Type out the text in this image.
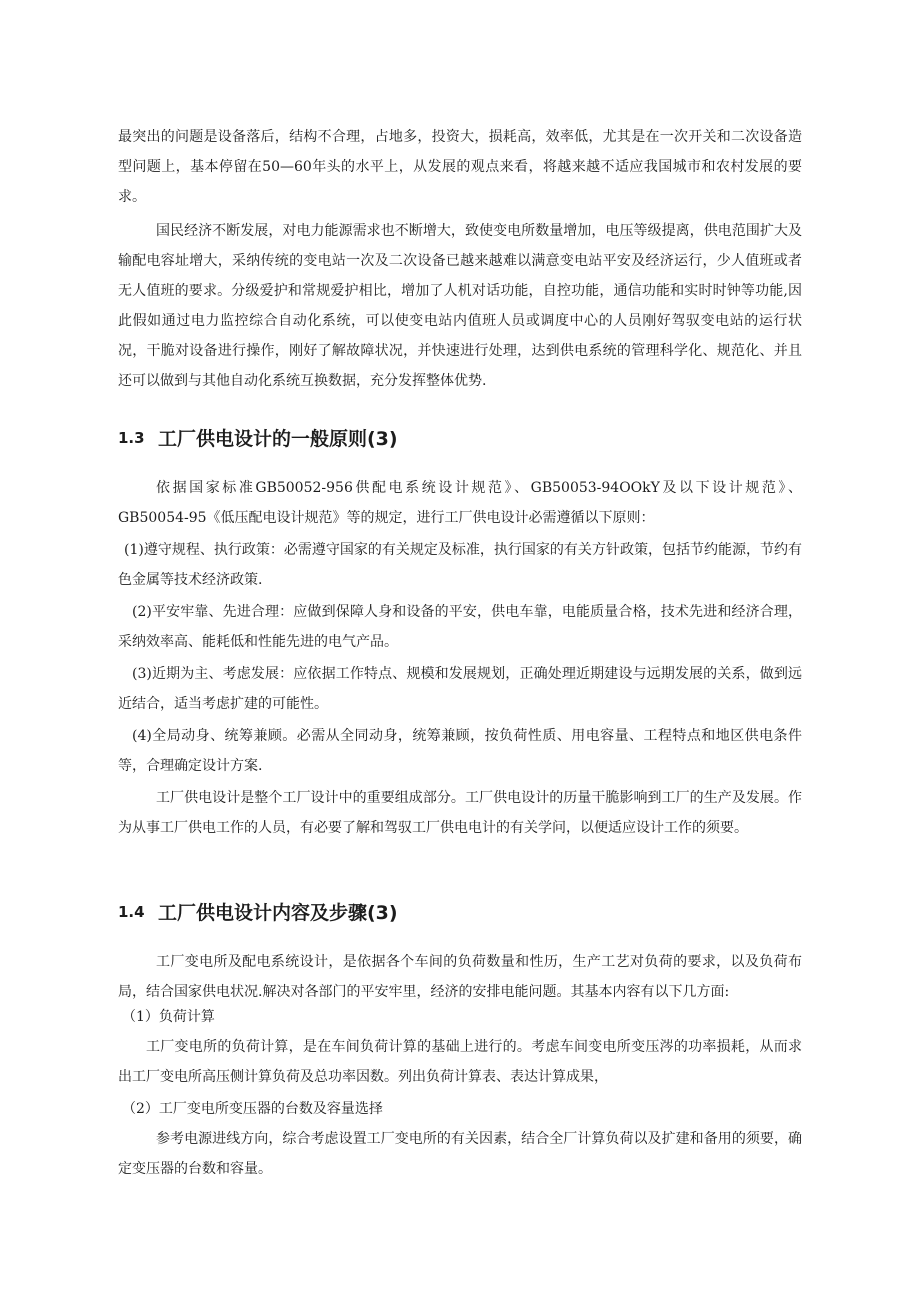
最突出的问题是设备落后，结构不合理，占地多，投资大，损耗高，效率低，尤其是在一次开关和二次设备造型问题上，基本停留在50—60年头的水平上，从发展的观点来看，将越来越不适应我国城市和农村发展的要求。

国民经济不断发展，对电力能源需求也不断增大，致使变电所数量增加，电压等级提离，供电范围扩大及输配电容址增大，采纳传统的变电站一次及二次设备已越来越难以满意变电站平安及经济运行，少人值班或者无人值班的要求。分级爱护和常规爱护相比，增加了人机对话功能，自控功能，通信功能和实时时钟等功能,因此假如通过电力监控综合自动化系统，可以使变电站内值班人员或调度中心的人员刚好驾驭变电站的运行状况，干脆对设备进行操作，刚好了解故障状况，并快速进行处理，达到供电系统的管理科学化、规范化、并且还可以做到与其他自动化系统互换数据，充分发挥整体优势.

1.3 工厂供电设计的一般原则(3)

依据国家标准GB50052-956供配电系统设计规范》、GB50053-94OOkY及以下设计规范》、GB50054-95《低压配电设计规范》等的规定，进行工厂供电设计必需遵循以下原则：

(1)遵守规程、执行政策：必需遵守国家的有关规定及标准，执行国家的有关方针政策，包括节约能源，节约有色金属等技术经济政策.

(2)平安牢靠、先进合理：应做到保障人身和设备的平安，供电车靠，电能质量合格，技术先进和经济合理，采纳效率高、能耗低和性能先进的电气产品。

(3)近期为主、考虑发展：应依据工作特点、规模和发展规划，正确处理近期建设与远期发展的关系，做到远近结合，适当考虑扩建的可能性。

(4)全局动身、统筹兼顾。必需从全同动身，统筹兼顾，按负荷性质、用电容量、工程特点和地区供电条件等，合理确定设计方案.

工厂供电设计是整个工厂设计中的重要组成部分。工厂供电设计的历量干脆影响到工厂的生产及发展。作为从事工厂供电工作的人员，有必要了解和驾驭工厂供电电计的有关学问，以便适应设计工作的须要。

1.4 工厂供电设计内容及步骤(3)

工厂变电所及配电系统设计，是依据各个车间的负荷数量和性历，生产工艺对负荷的要求，以及负荷布局，结合国家供电状况.解决对各部门的平安牢里，经济的安排电能问题。其基本内容有以下几方面:

（1）负荷计算

工厂变电所的负荷计算，是在车间负荷计算的基础上进行的。考虑车间变电所变压涔的功率损耗，从而求出工厂变电所高压侧计算负荷及总功率因数。列出负荷计算表、表达计算成果，

（2）工厂变电所变压器的台数及容量选择

参考电源进线方向，综合考虑设置工厂变电所的有关因素，结合全厂计算负荷以及扩建和备用的须要，确定变压器的台数和容量。
